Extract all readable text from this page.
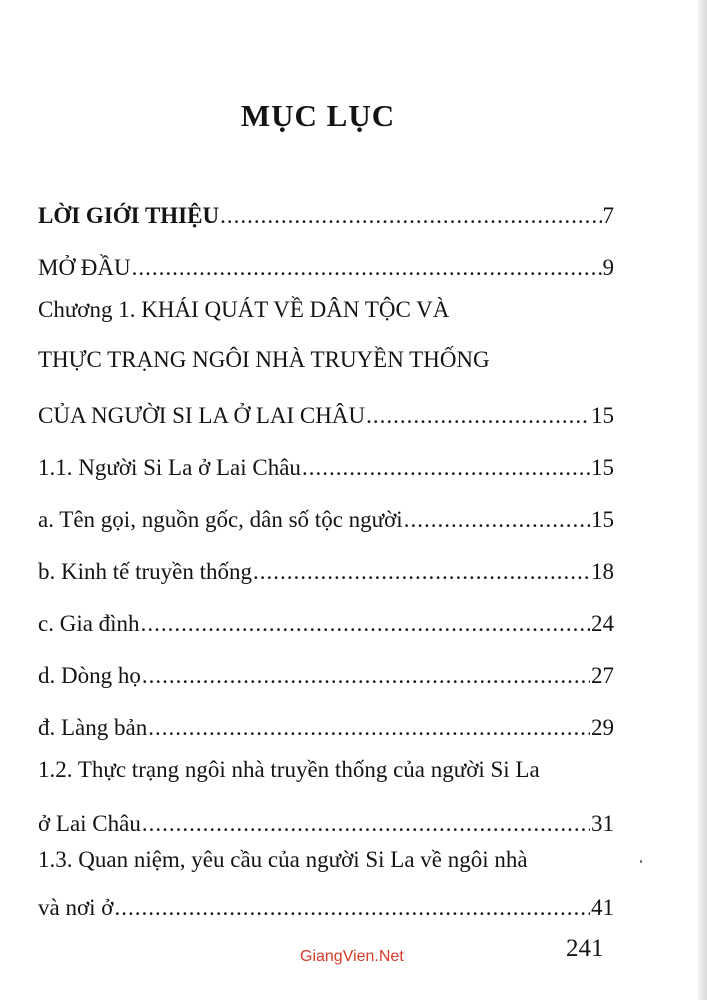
MỤC LỤC
LỜI GIỚI THIỆU .....	7
MỞ ĐẦU .....	9
Chương 1. KHÁI QUÁT VỀ DÂN TỘC VÀ
THỰC TRẠNG NGÔI NHÀ TRUYỀN THỐNG
CỦA NGƯỜI SI LA Ở LAI CHÂU .....	15
1.1. Người Si La ở Lai Châu .....	15
a. Tên gọi, nguồn gốc, dân số tộc người .....	15
b. Kinh tế truyền thống .....	18
c. Gia đình .....	24
d. Dòng họ .....	27
đ. Làng bản .....	29
1.2. Thực trạng ngôi nhà truyền thống của người Si La
ở Lai Châu .....	31
1.3. Quan niệm, yêu cầu của người Si La về ngôi nhà
và nơi ở .....	41
241
GiangVien.Net
